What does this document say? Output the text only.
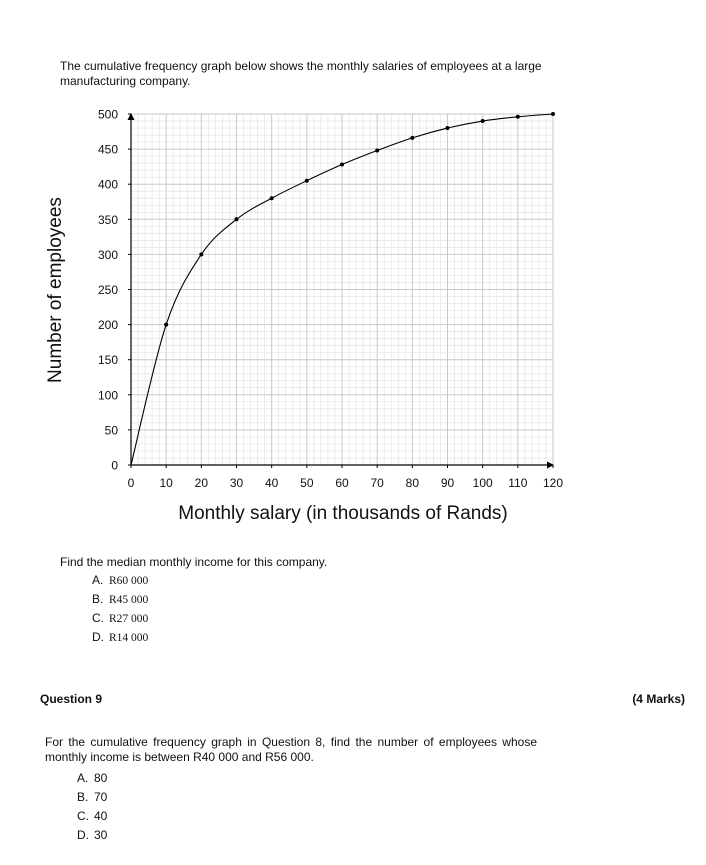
The cumulative frequency graph below shows the monthly salaries of employees at a large manufacturing company.
0
50
100
150
200
250
300
350
400
450
500
0 10 20 30 40 50 60 70 80 90 100 110 120
Number of employees
Monthly salary (in thousands of Rands)
Find the median monthly income for this company.
A. R60 000
B. R45 000
C. R27 000
D. R14 000
Question 9	(4 Marks)
For the cumulative frequency graph in Question 8, find the number of employees whose monthly income is between R40 000 and R56 000.
A. 80
B. 70
C. 40
D. 30
